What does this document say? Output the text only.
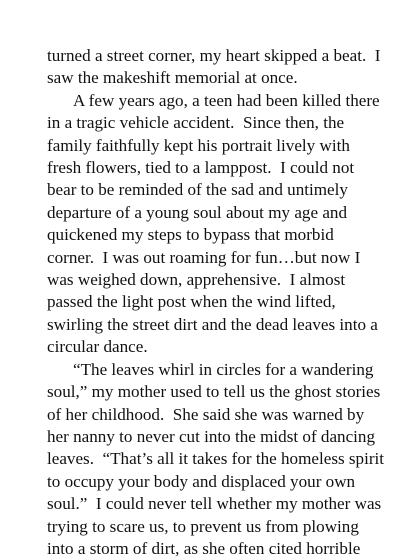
turned a street corner, my heart skipped a beat.  I
saw the makeshift memorial at once.
A few years ago, a teen had been killed there
in a tragic vehicle accident.  Since then, the
family faithfully kept his portrait lively with
fresh flowers, tied to a lamppost.  I could not
bear to be reminded of the sad and untimely
departure of a young soul about my age and
quickened my steps to bypass that morbid
corner.  I was out roaming for fun…but now I
was weighed down, apprehensive.  I almost
passed the light post when the wind lifted,
swirling the street dirt and the dead leaves into a
circular dance.
“The leaves whirl in circles for a wandering
soul,” my mother used to tell us the ghost stories
of her childhood.  She said she was warned by
her nanny to never cut into the midst of dancing
leaves.  “That’s all it takes for the homeless spirit
to occupy your body and displaced your own
soul.”  I could never tell whether my mother was
trying to scare us, to prevent us from plowing
into a storm of dirt, as she often cited horrible
